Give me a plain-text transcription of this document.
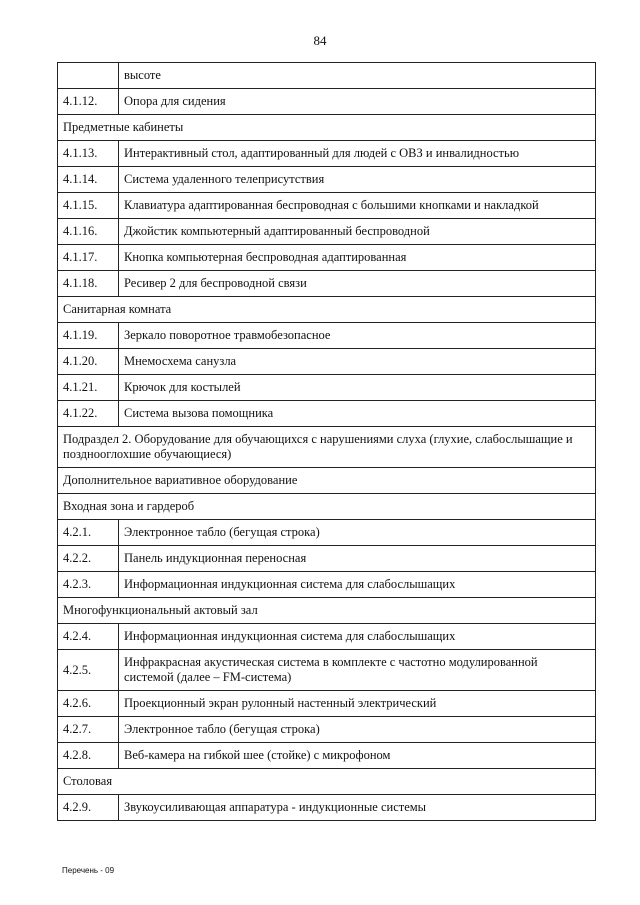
84
	высоте
4.1.12.	Опора для сидения
Предметные кабинеты	
4.1.13.	Интерактивный стол, адаптированный для людей с ОВЗ и инвалидностью
4.1.14.	Система удаленного телеприсутствия
4.1.15.	Клавиатура адаптированная беспроводная с большими кнопками и накладкой
4.1.16.	Джойстик компьютерный адаптированный беспроводной
4.1.17.	Кнопка компьютерная беспроводная адаптированная
4.1.18.	Ресивер 2 для беспроводной связи
Санитарная комната	
4.1.19.	Зеркало поворотное травмобезопасное
4.1.20.	Мнемосхема санузла
4.1.21.	Крючок для костылей
4.1.22.	Система вызова помощника
Подраздел 2. Оборудование для обучающихся с нарушениями слуха (глухие, слабослышащие и позднооглохшие обучающиеся)	
Дополнительное вариативное оборудование	
Входная зона и гардероб	
4.2.1.	Электронное табло (бегущая строка)
4.2.2.	Панель индукционная переносная
4.2.3.	Информационная индукционная система для слабослышащих
Многофункциональный актовый зал	
4.2.4.	Информационная индукционная система для слабослышащих
4.2.5.	Инфракрасная акустическая система в комплекте с частотно модулированной системой (далее – FM-система)
4.2.6.	Проекционный экран рулонный настенный электрический
4.2.7.	Электронное табло (бегущая строка)
4.2.8.	Веб-камера на гибкой шее (стойке) с микрофоном
Столовая	
4.2.9.	Звукоусиливающая аппаратура - индукционные системы
Перечень - 09
